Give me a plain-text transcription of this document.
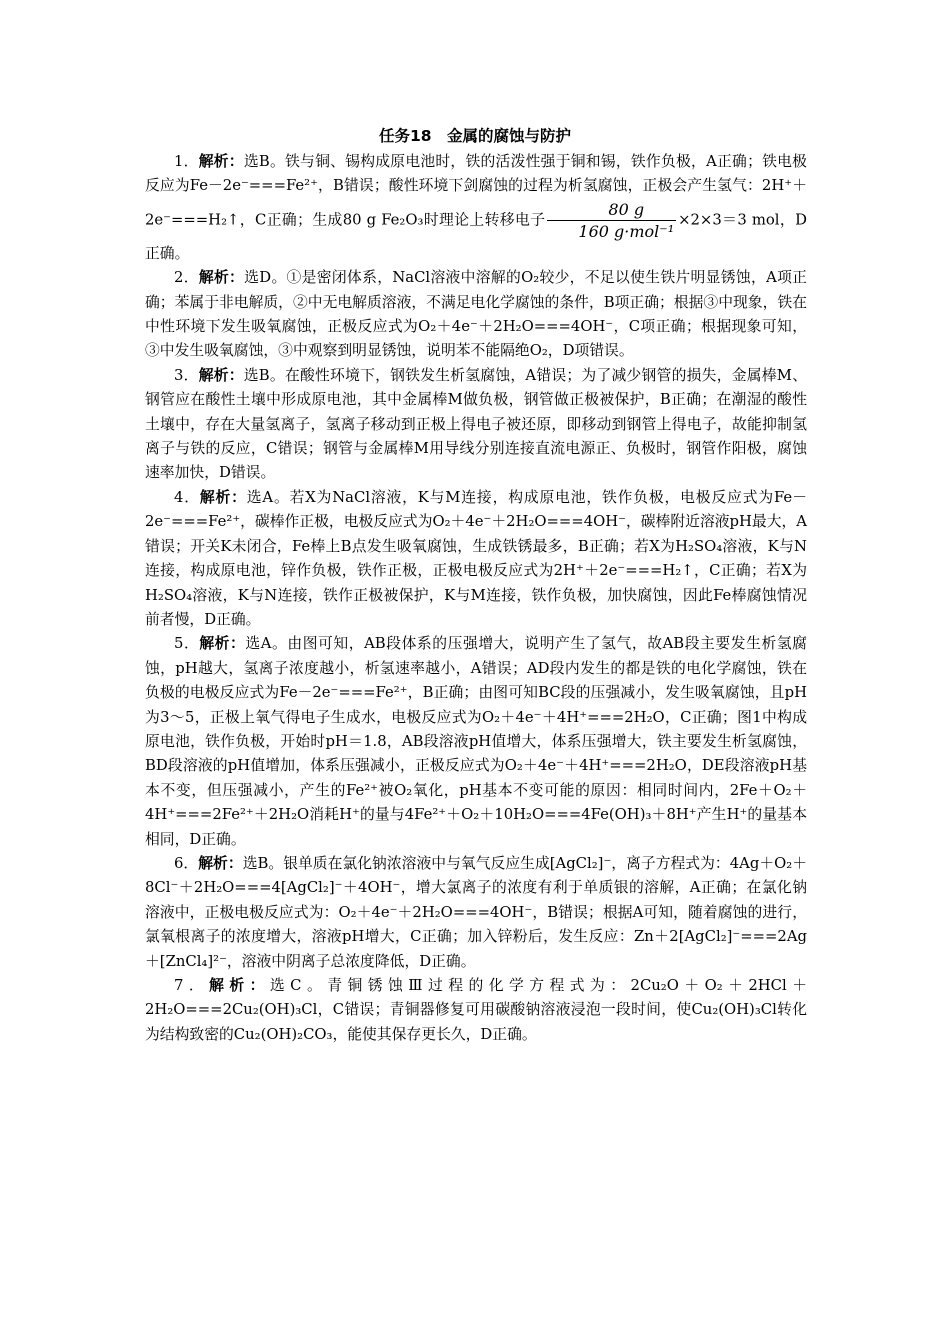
任务18　金属的腐蚀与防护

1．解析：选B。铁与铜、锡构成原电池时，铁的活泼性强于铜和锡，铁作负极，A正确；铁电极反应为Fe－2e⁻===Fe²⁺，B错误；酸性环境下剑腐蚀的过程为析氢腐蚀，正极会产生氢气：2H⁺＋2e⁻===H₂↑，C正确；生成80 g Fe₂O₃时理论上转移电子 $\frac{80 g}{\text{160 g·mol⁻¹}} \times 2\times 3=3$ mol，D正确。

2．解析：选D。①是密闭体系，NaCl溶液中溶解的O₂较少，不足以使生铁片明显锈蚀，A项正确；苯属于非电解质，②中无电解质溶液，不满足电化学腐蚀的条件，B项正确；根据③中现象，铁在中性环境下发生吸氧腐蚀，正极反应式为O₂＋4e⁻＋2H₂O===4OH⁻，C项正确；根据现象可知，③中发生吸氧腐蚀，③中观察到明显锈蚀，说明苯不能隔绝O₂，D项错误。

3．解析：选B。在酸性环境下，钢铁发生析氢腐蚀，A错误；为了减少钢管的损失，金属棒M、钢管应在酸性土壤中形成原电池，其中金属棒M做负极，钢管做正极被保护，B正确；在潮湿的酸性土壤中，存在大量氢离子，氢离子移动到正极上得电子被还原，即移动到钢管上得电子，故能抑制氢离子与铁的反应，C错误；钢管与金属棒M用导线分别连接直流电源正、负极时，钢管作阳极，腐蚀速率加快，D错误。

4．解析：选A。若X为NaCl溶液，K与M连接，构成原电池，铁作负极，电极反应式为Fe－2e⁻===Fe²⁺，碳棒作正极，电极反应式为O₂＋4e⁻＋2H₂O===4OH⁻，碳棒附近溶液pH最大，A错误；开关K未闭合，Fe棒上B点发生吸氧腐蚀，生成铁锈最多，B正确；若X为H₂SO₄溶液，K与N连接，构成原电池，锌作负极，铁作正极，正极电极反应式为2H⁺＋2e⁻===H₂↑，C正确；若X为H₂SO₄溶液，K与N连接，铁作正极被保护，K与M连接，铁作负极，加快腐蚀，因此Fe棒腐蚀情况前者慢，D正确。

5．解析：选A。由图可知，AB段体系的压强增大，说明产生了氢气，故AB段主要发生析氢腐蚀，pH越大，氢离子浓度越小，析氢速率越小，A错误；AD段内发生的都是铁的电化学腐蚀，铁在负极的电极反应式为Fe－2e⁻===Fe²⁺，B正确；由图可知BC段的压强减小，发生吸氧腐蚀，且pH为3～5，正极上氧气得电子生成水，电极反应式为O₂＋4e⁻＋4H⁺===2H₂O，C正确；图1中构成原电池，铁作负极，开始时pH＝1.8，AB段溶液pH值增大，体系压强增大，铁主要发生析氢腐蚀，BD段溶液的pH值增加，体系压强减小，正极反应式为O₂＋4e⁻＋4H⁺===2H₂O，DE段溶液pH基本不变，但压强减小，产生的Fe²⁺被O₂氧化，pH基本不变可能的原因：相同时间内，2Fe＋O₂＋4H⁺===2Fe²⁺＋2H₂O消耗H⁺的量与4Fe²⁺＋O₂＋10H₂O===4Fe(OH)₃＋8H⁺产生H⁺的量基本相同，D正确。

6．解析：选B。银单质在氯化钠浓溶液中与氧气反应生成[AgCl₂]⁻，离子方程式为：4Ag＋O₂＋8Cl⁻＋2H₂O===4[AgCl₂]⁻＋4OH⁻，增大氯离子的浓度有利于单质银的溶解，A正确；在氯化钠溶液中，正极电极反应式为：O₂＋4e⁻＋2H₂O===4OH⁻，B错误；根据A可知，随着腐蚀的进行，氯氧根离子的浓度增大，溶液pH增大，C正确；加入锌粉后，发生反应：Zn＋2[AgCl₂]⁻===2Ag＋[ZnCl₄]²⁻，溶液中阴离子总浓度降低，D正确。

7．解析：选C。青铜锈蚀Ⅲ过程的化学方程式为：2Cu₂O＋O₂＋2HCl＋2H₂O===2Cu₂(OH)₃Cl，C错误；青铜器修复可用碳酸钠溶液浸泡一段时间，使Cu₂(OH)₃Cl转化为结构致密的Cu₂(OH)₂CO₃，能使其保存更长久，D正确。
